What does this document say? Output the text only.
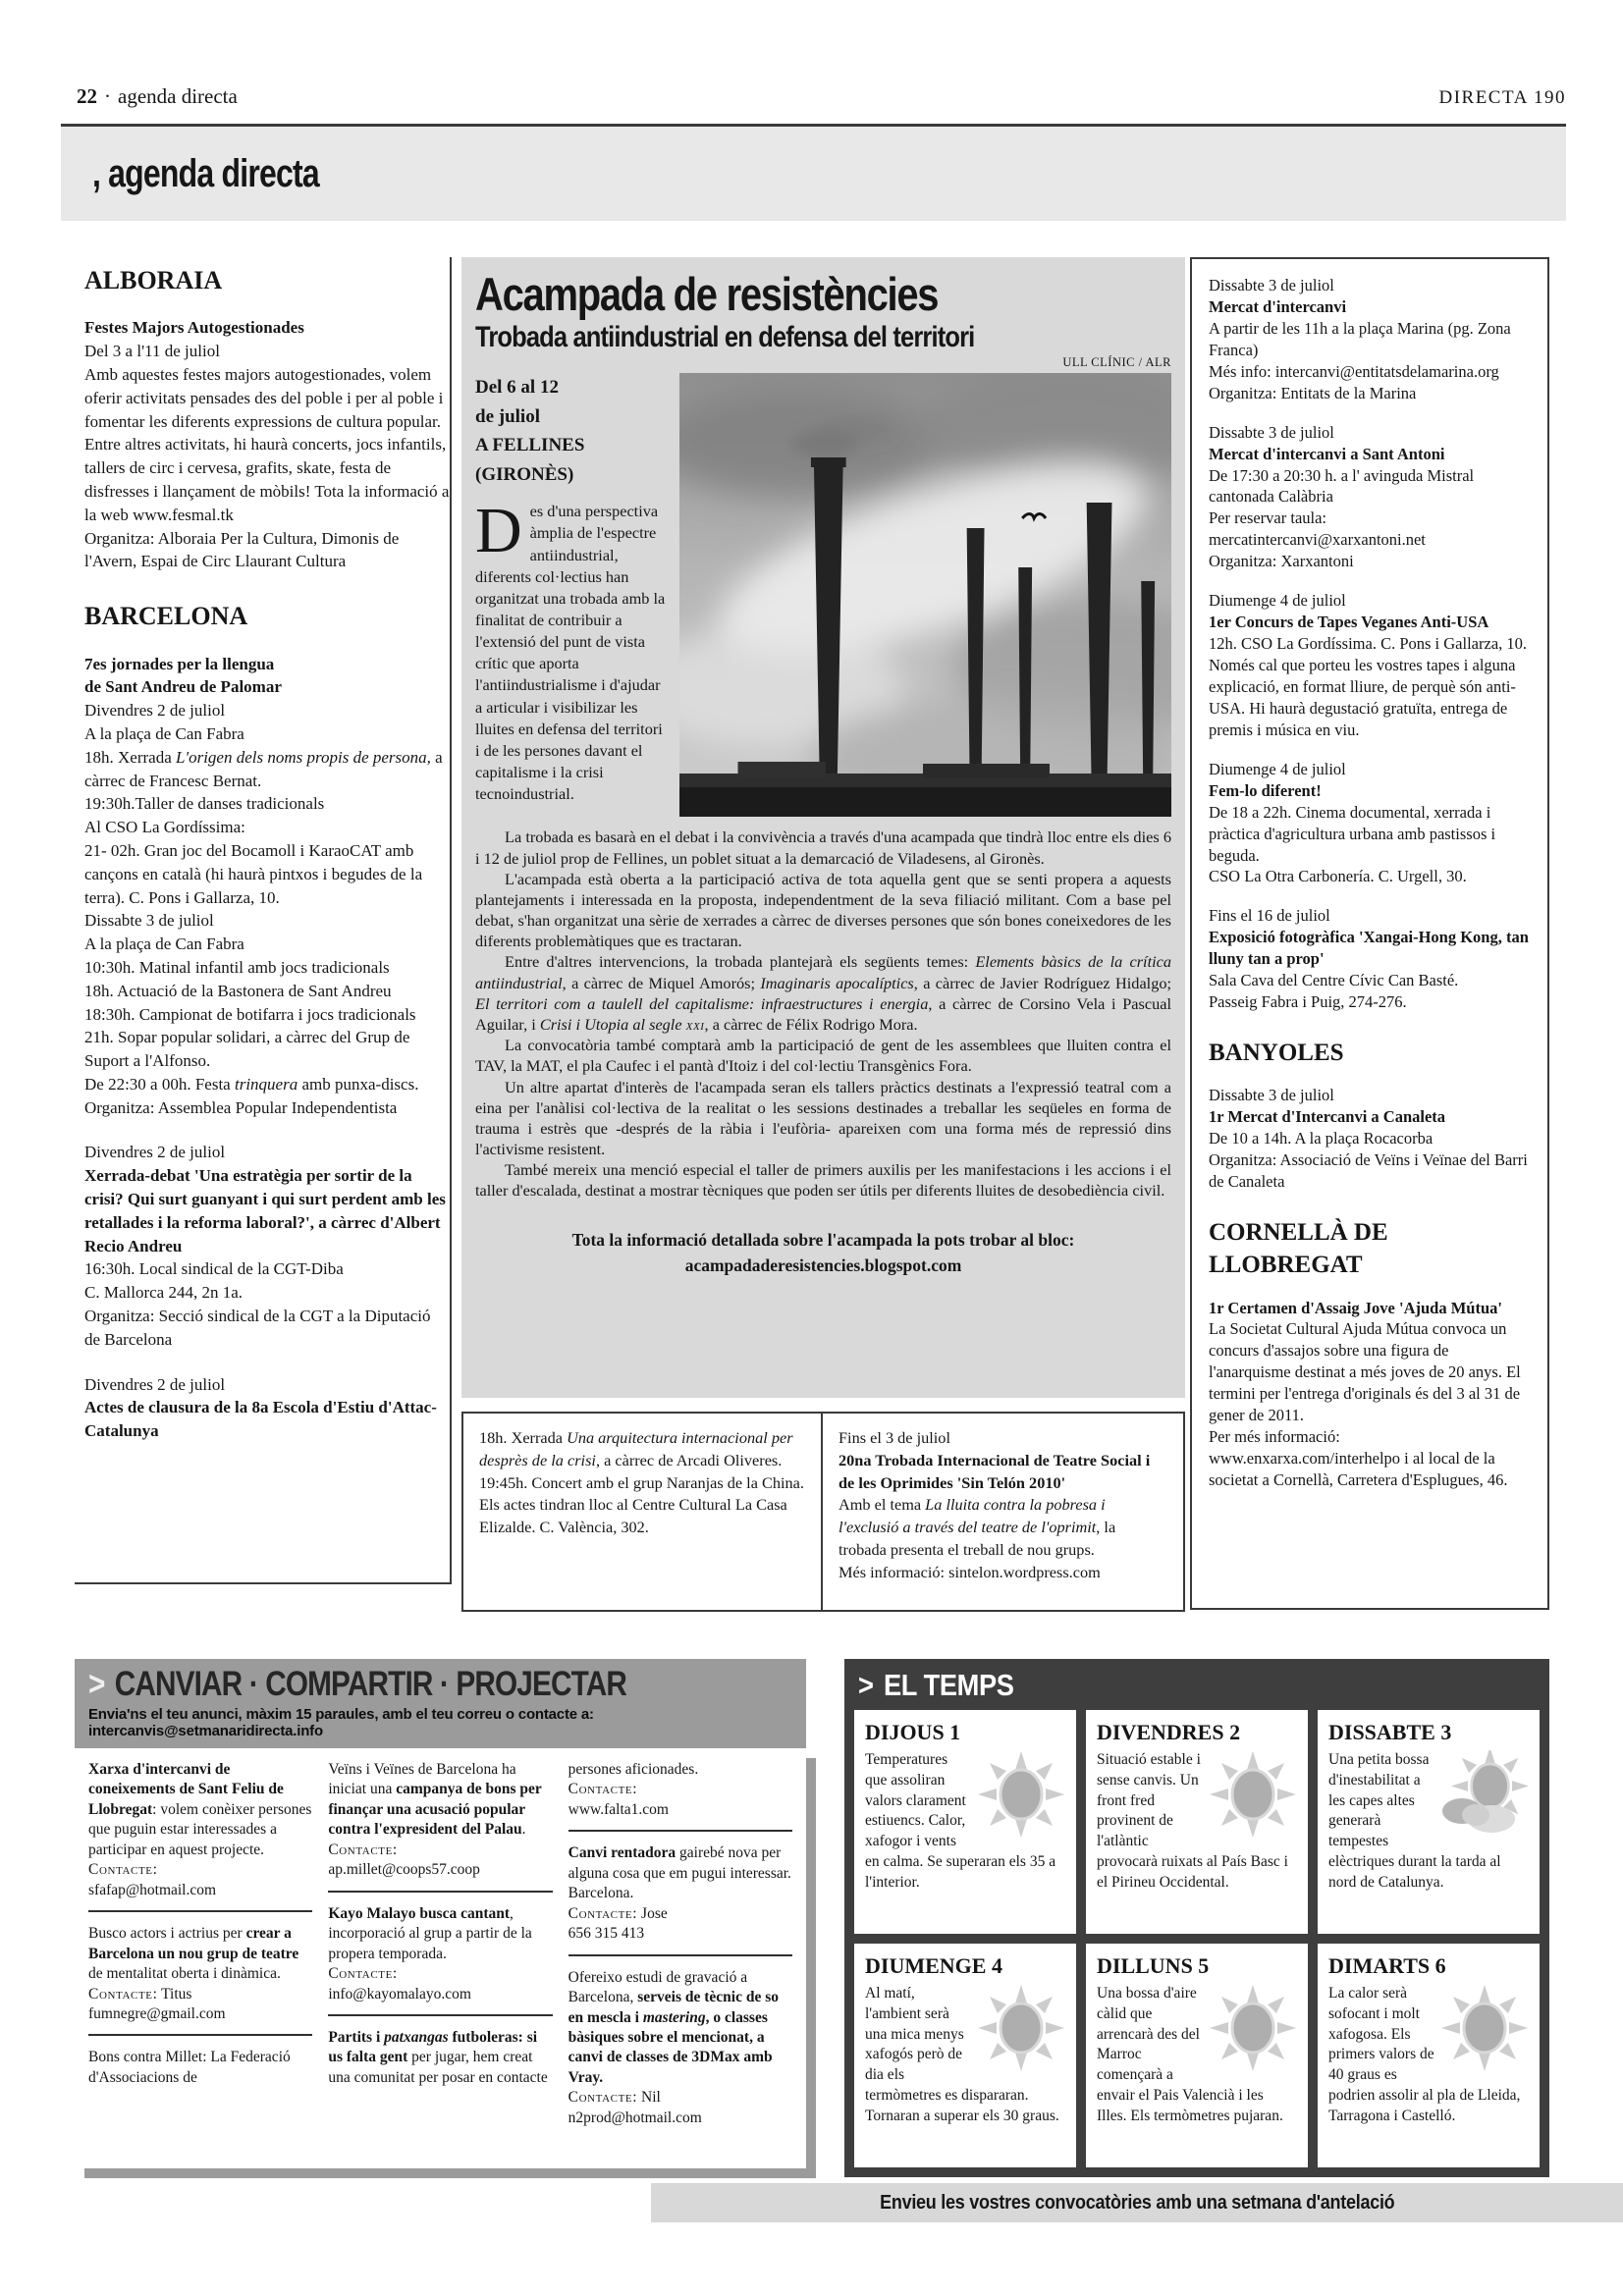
22 · agenda directa	DIRECTA 190
, agenda directa
ALBORAIA
Festes Majors Autogestionades
Del 3 a l'11 de juliol
Amb aquestes festes majors autogestionades, volem oferir activitats pensades des del poble i per al poble i fomentar les diferents expressions de cultura popular. Entre altres activitats, hi haurà concerts, jocs infantils, tallers de circ i cervesa, grafits, skate, festa de disfresses i llançament de mòbils! Tota la informació a la web www.fesmal.tk
Organitza: Alboraia Per la Cultura, Dimonis de l'Avern, Espai de Circ Llaurant Cultura
BARCELONA
7es jornades per la llengua
de Sant Andreu de Palomar
Divendres 2 de juliol
A la plaça de Can Fabra
18h. Xerrada L'origen dels noms propis de persona, a càrrec de Francesc Bernat.
19:30h.Taller de danses tradicionals
Al CSO La Gordíssima:
21- 02h. Gran joc del Bocamoll i KaraoCAT amb cançons en català (hi haurà pintxos i begudes de la terra). C. Pons i Gallarza, 10.
Dissabte 3 de juliol
A la plaça de Can Fabra
10:30h. Matinal infantil amb jocs tradicionals
18h. Actuació de la Bastonera de Sant Andreu
18:30h. Campionat de botifarra i jocs tradicionals
21h. Sopar popular solidari, a càrrec del Grup de Suport a l'Alfonso.
De 22:30 a 00h. Festa trinquera amb punxa-discs.
Organitza: Assemblea Popular Independentista
Divendres 2 de juliol
Xerrada-debat 'Una estratègia per sortir de la crisi? Qui surt guanyant i qui surt perdent amb les retallades i la reforma laboral?', a càrrec d'Albert Recio Andreu
16:30h. Local sindical de la CGT-Diba
C. Mallorca 244, 2n 1a.
Organitza: Secció sindical de la CGT a la Diputació de Barcelona
Divendres 2 de juliol
Actes de clausura de la 8a Escola d'Estiu d'Attac-Catalunya
Acampada de resistències
Trobada antiindustrial en defensa del territori
ULL CLÍNIC / ALR
Del 6 al 12
de juliol
A FELLINES
(GIRONÈS)

Des d'una perspectiva àmplia de l'espectre antiindustrial, diferents col·lectius han organitzat una trobada amb la finalitat de contribuir a l'extensió del punt de vista crític que aporta l'antiindustrialisme i d'ajudar a articular i visibilizar les lluites en defensa del territori i de les persones davant el capitalisme i la crisi tecnoindustrial.

La trobada es basarà en el debat i la convivència a través d'una acampada que tindrà lloc entre els dies 6 i 12 de juliol prop de Fellines, un poblet situat a la demarcació de Viladesens, al Gironès.

L'acampada està oberta a la participació activa de tota aquella gent que se senti propera a aquests plantejaments i interessada en la proposta, independentment de la seva filiació militant. Com a base pel debat, s'han organitzat una sèrie de xerrades a càrrec de diverses persones que són bones coneixedores de les diferents problemàtiques que es tractaran.

Entre d'altres intervencions, la trobada plantejarà els següents temes: Elements bàsics de la crítica antiindustrial, a càrrec de Miquel Amorós; Imaginaris apocalíptics, a càrrec de Javier Rodríguez Hidalgo; El territori com a taulell del capitalisme: infraestructures i energia, a càrrec de Corsino Vela i Pascual Aguilar, i Crisi i Utopia al segle xxi, a càrrec de Félix Rodrigo Mora.

La convocatòria també comptarà amb la participació de gent de les assemblees que lluiten contra el TAV, la MAT, el pla Caufec i el pantà d'Itoiz i del col·lectiu Transgènics Fora.

Un altre apartat d'interès de l'acampada seran els tallers pràctics destinats a l'expressió teatral com a eina per l'anàlisi col·lectiva de la realitat o les sessions destinades a treballar les seqüeles en forma de trauma i estrès que -després de la ràbia i l'eufòria- apareixen com una forma més de repressió dins l'activisme resistent.

També mereix una menció especial el taller de primers auxilis per les manifestacions i les accions i el taller d'escalada, destinat a mostrar tècniques que poden ser útils per diferents lluites de desobediència civil.

Tota la informació detallada sobre l'acampada la pots trobar al bloc:
acampadaderesistencies.blogspot.com
18h. Xerrada Una arquitectura internacional per desprès de la crisi, a càrrec de Arcadi Oliveres.
19:45h. Concert amb el grup Naranjas de la China.
Els actes tindran lloc al Centre Cultural La Casa Elizalde. C. València, 302.
Fins el 3 de juliol
20na Trobada Internacional de Teatre Social i de les Oprimides 'Sin Telón 2010'
Amb el tema La lluita contra la pobresa i l'exclusió a través del teatre de l'oprimit, la trobada presenta el treball de nou grups.
Més informació: sintelon.wordpress.com
Dissabte 3 de juliol
Mercat d'intercanvi
A partir de les 11h a la plaça Marina (pg. Zona Franca)
Més info: intercanvi@entitatsdelamarina.org
Organitza: Entitats de la Marina
Dissabte 3 de juliol
Mercat d'intercanvi a Sant Antoni
De 17:30 a 20:30 h. a l' avinguda Mistral cantonada Calàbria
Per reservar taula: mercatintercanvi@xarxantoni.net
Organitza: Xarxantoni
Diumenge 4 de juliol
1er Concurs de Tapes Veganes Anti-USA
12h. CSO La Gordíssima. C. Pons i Gallarza, 10.
Només cal que porteu les vostres tapes i alguna explicació, en format lliure, de perquè són anti-USA. Hi haurà degustació gratuïta, entrega de premis i música en viu.
Diumenge 4 de juliol
Fem-lo diferent!
De 18 a 22h. Cinema documental, xerrada i pràctica d'agricultura urbana amb pastissos i beguda.
CSO La Otra Carbonería. C. Urgell, 30.
Fins el 16 de juliol
Exposició fotogràfica 'Xangai-Hong Kong, tan lluny tan a prop'
Sala Cava del Centre Cívic Can Basté.
Passeig Fabra i Puig, 274-276.
BANYOLES
Dissabte 3 de juliol
1r Mercat d'Intercanvi a Canaleta
De 10 a 14h. A la plaça Rocacorba
Organitza: Associació de Veïns i Veïnae del Barri de Canaleta
CORNELLÀ DE LLOBREGAT
1r Certamen d'Assaig Jove 'Ajuda Mútua'
La Societat Cultural Ajuda Mútua convoca un concurs d'assajos sobre una figura de l'anarquisme destinat a més joves de 20 anys. El termini per l'entrega d'originals és del 3 al 31 de gener de 2011.
Per més informació:
www.enxarxa.com/interhelpo i al local de la societat a Cornellà, Carretera d'Esplugues, 46.
> CANVIAR · COMPARTIR · PROJECTAR
Envia'ns el teu anunci, màxim 15 paraules, amb el teu correu o contacte a: intercanvis@setmanaridirecta.info
Xarxa d'intercanvi de coneixements de Sant Feliu de Llobregat: volem conèixer persones que puguin estar interessades a participar en aquest projecte.
Contacte:
sfafap@hotmail.com
Busco actors i actrius per crear a Barcelona un nou grup de teatre de mentalitat oberta i dinàmica.
Contacte: Titus
fumnegre@gmail.com
Bons contra Millet: La Federació d'Associacions de
Veïns i Veïnes de Barcelona ha iniciat una campanya de bons per finançar una acusació popular contra l'expresident del Palau.
Contacte:
ap.millet@coops57.coop
Kayo Malayo busca cantant, incorporació al grup a partir de la propera temporada.
Contacte:
info@kayomalayo.com
Partits i patxangas futboleras: si us falta gent per jugar, hem creat una comunitat per posar en contacte
persones aficionades.
Contacte:
www.falta1.com
Canvi rentadora gairebé nova per alguna cosa que em pugui interessar. Barcelona.
Contacte: Jose
656 315 413
Ofereixo estudi de gravació a Barcelona, serveis de tècnic de so en mescla i mastering, o classes bàsiques sobre el mencionat, a canvi de classes de 3DMax amb Vray.
Contacte: Nil
n2prod@hotmail.com
> EL TEMPS
DIJOUS 1
Temperatures que assoliran valors clarament estiuencs. Calor, xafogor i vents en calma. Se superaran els 35 a l'interior.
DIVENDRES 2
Situació estable i sense canvis. Un front fred provinent de l'atlàntic provocarà ruixats al País Basc i el Pirineu Occidental.
DISSABTE 3
Una petita bossa d'inestabilitat a les capes altes generarà tempestes elèctriques durant la tarda al nord de Catalunya.
DIUMENGE 4
Al matí, l'ambient serà una mica menys xafogós però de dia els termòmetres es dispararan. Tornaran a superar els 30 graus.
DILLUNS 5
Una bossa d'aire càlid que arrencarà des del Marroc començarà a envair el Pais Valencià i les Illes. Els termòmetres pujaran.
DIMARTS 6
La calor serà sofocant i molt xafogosa. Els primers valors de 40 graus es podrien assolir al pla de Lleida, Tarragona i Castelló.
Envieu les vostres convocatòries amb una setmana d'antelació
